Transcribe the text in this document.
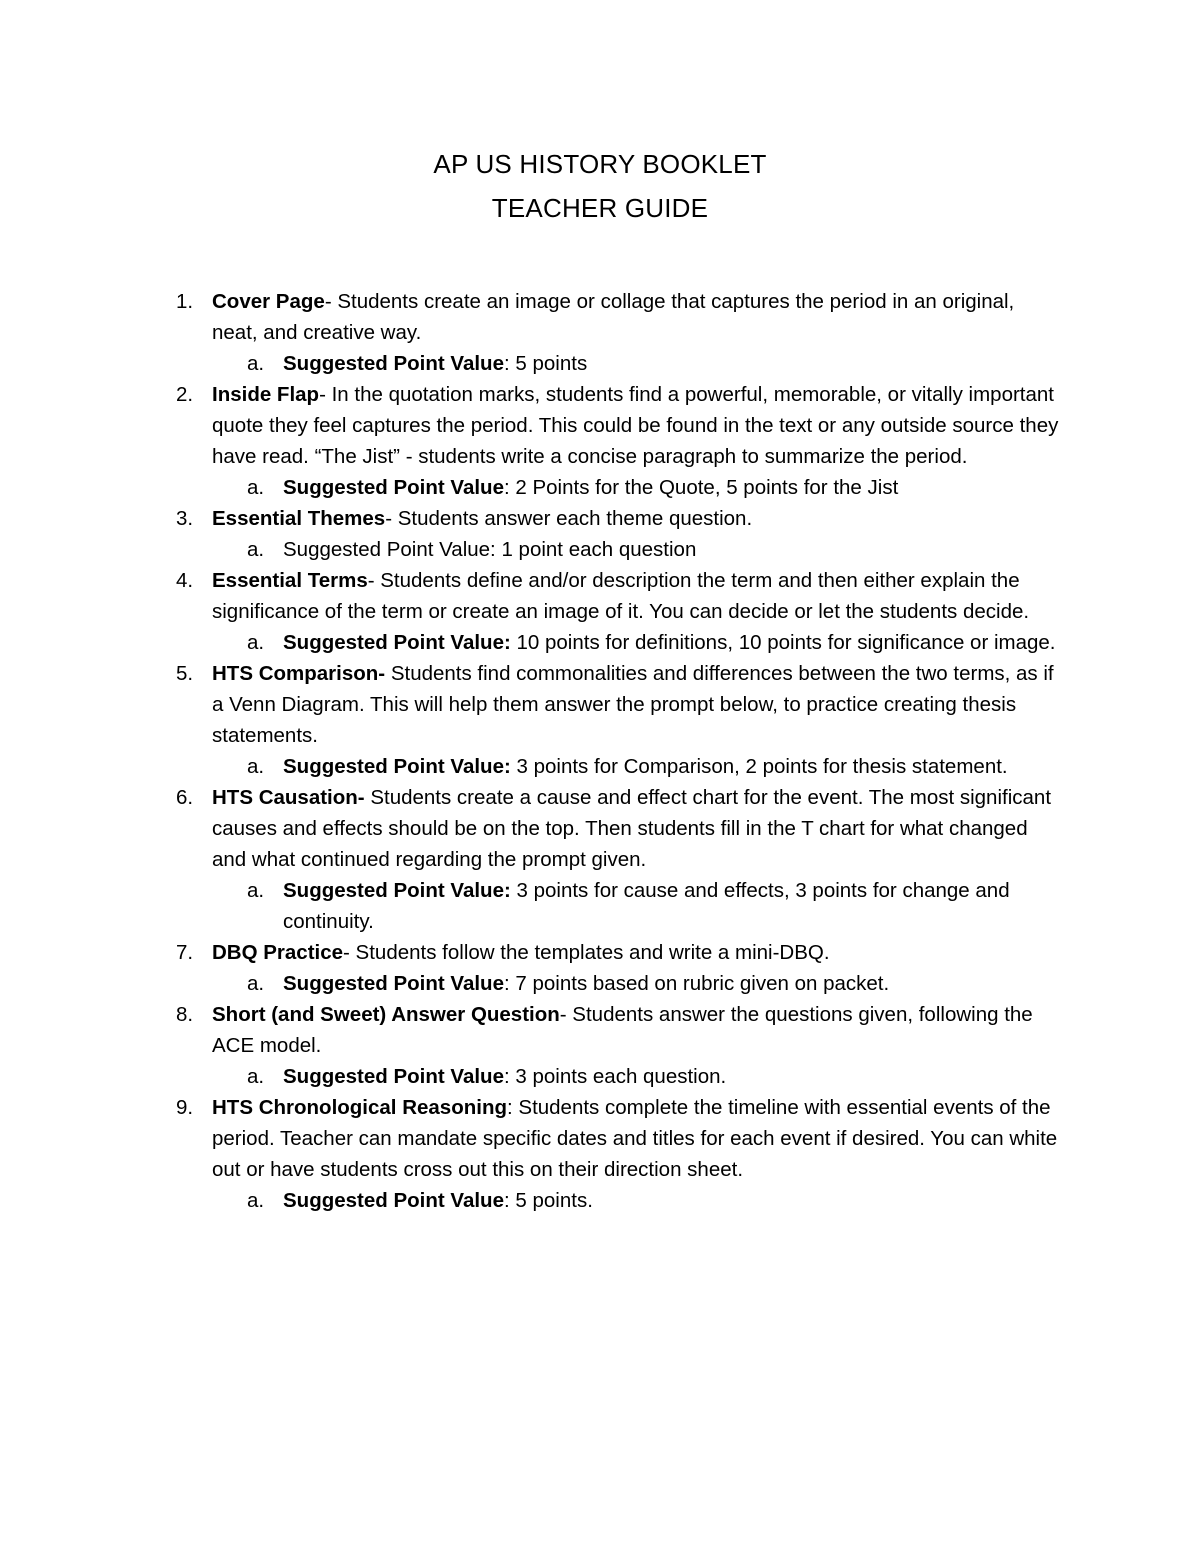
AP US HISTORY BOOKLET
TEACHER GUIDE
1. Cover Page- Students create an image or collage that captures the period in an original, neat, and creative way.
a. Suggested Point Value: 5 points
2. Inside Flap- In the quotation marks, students find a powerful, memorable, or vitally important quote they feel captures the period. This could be found in the text or any outside source they have read. “The Jist” - students write a concise paragraph to summarize the period.
a. Suggested Point Value: 2 Points for the Quote, 5 points for the Jist
3. Essential Themes- Students answer each theme question.
a. Suggested Point Value: 1 point each question
4. Essential Terms- Students define and/or description the term and then either explain the significance of the term or create an image of it. You can decide or let the students decide.
a. Suggested Point Value: 10 points for definitions, 10 points for significance or image.
5. HTS Comparison- Students find commonalities and differences between the two terms, as if a Venn Diagram. This will help them answer the prompt below, to practice creating thesis statements.
a. Suggested Point Value: 3 points for Comparison, 2 points for thesis statement.
6. HTS Causation- Students create a cause and effect chart for the event. The most significant causes and effects should be on the top. Then students fill in the T chart for what changed and what continued regarding the prompt given.
a. Suggested Point Value: 3 points for cause and effects, 3 points for change and continuity.
7. DBQ Practice- Students follow the templates and write a mini-DBQ.
a. Suggested Point Value: 7 points based on rubric given on packet.
8. Short (and Sweet) Answer Question- Students answer the questions given, following the ACE model.
a. Suggested Point Value: 3 points each question.
9. HTS Chronological Reasoning: Students complete the timeline with essential events of the period. Teacher can mandate specific dates and titles for each event if desired. You can white out or have students cross out this on their direction sheet.
a. Suggested Point Value: 5 points.
